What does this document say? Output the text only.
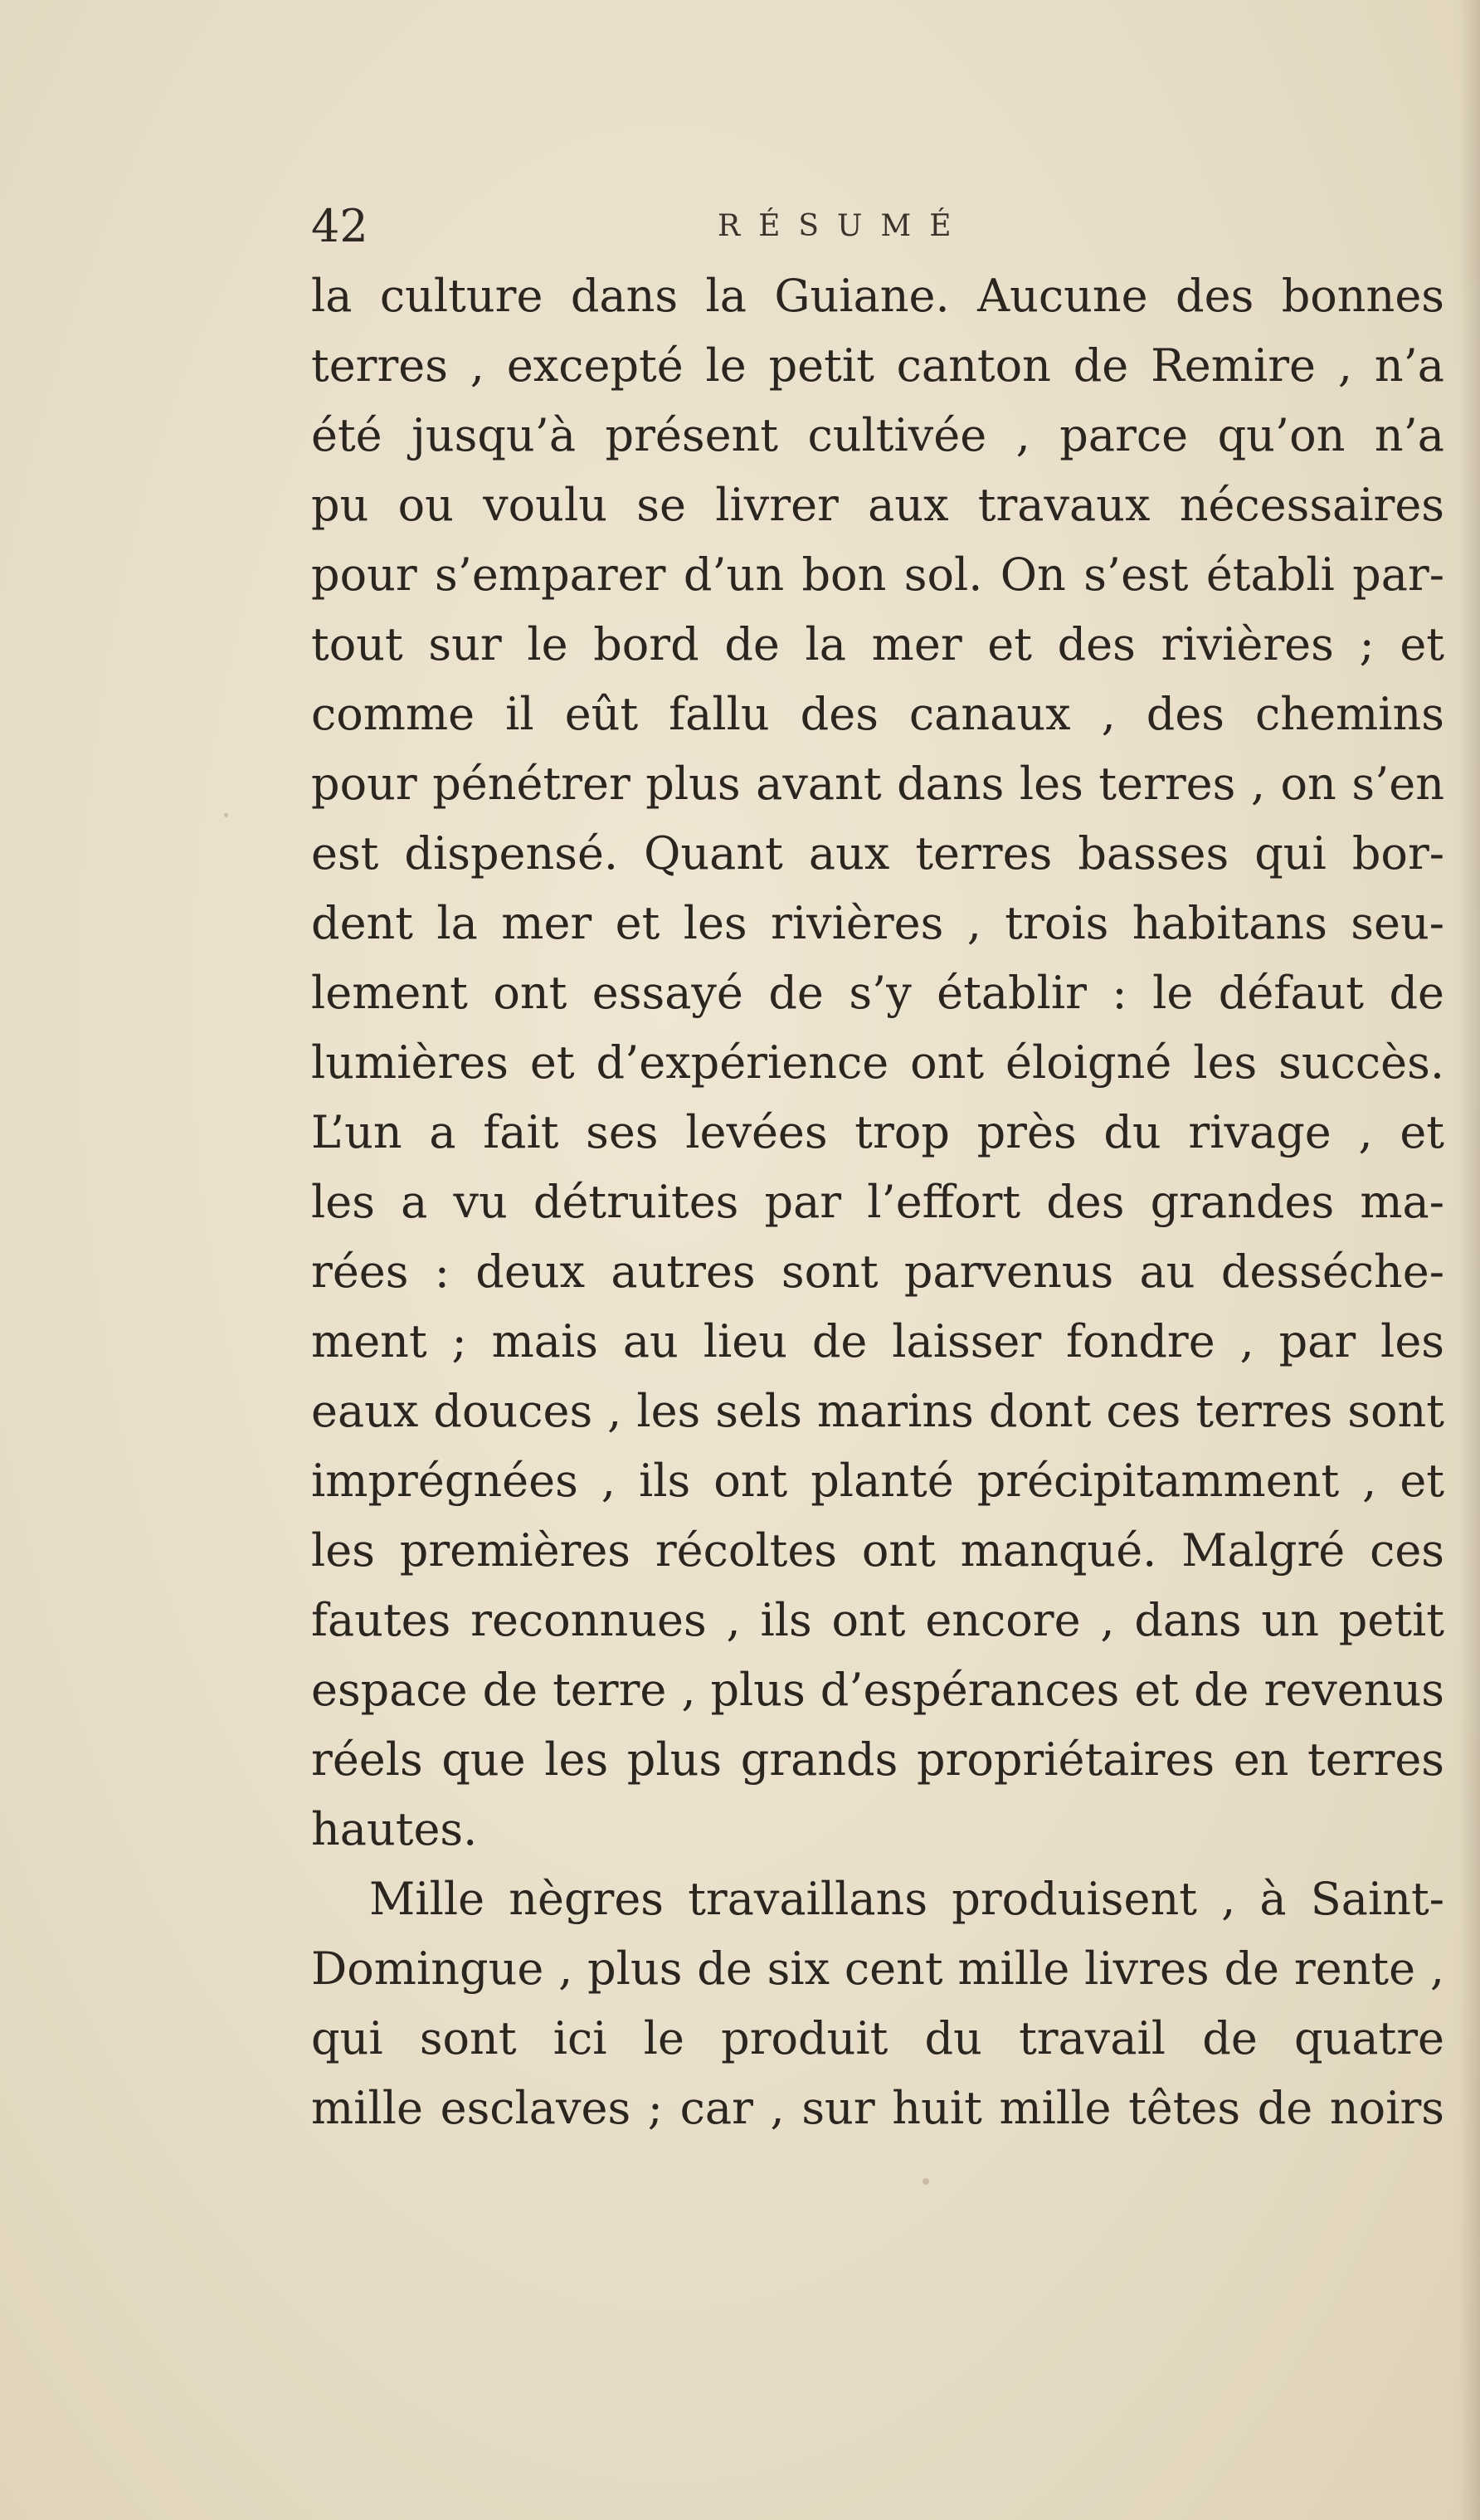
42	RÉSUMÉ
la culture dans la Guiane. Aucune des bonnes
terres , excepté le petit canton de Remire , n’a
été jusqu’à présent cultivée , parce qu’on n’a
pu ou voulu se livrer aux travaux nécessaires
pour s’emparer d’un bon sol. On s’est établi par-
tout sur le bord de la mer et des rivières ; et
comme il eût fallu des canaux , des chemins
pour pénétrer plus avant dans les terres , on s’en
est dispensé. Quant aux terres basses qui bor-
dent la mer et les rivières , trois habitans seu-
lement ont essayé de s’y établir : le défaut de
lumières et d’expérience ont éloigné les succès.
L’un a fait ses levées trop près du rivage , et
les a vu détruites par l’effort des grandes ma-
rées : deux autres sont parvenus au desséche-
ment ; mais au lieu de laisser fondre , par les
eaux douces , les sels marins dont ces terres sont
imprégnées , ils ont planté précipitamment , et
les premières récoltes ont manqué. Malgré ces
fautes reconnues , ils ont encore , dans un petit
espace de terre , plus d’espérances et de revenus
réels que les plus grands propriétaires en terres
hautes.
Mille nègres travaillans produisent , à Saint-
Domingue , plus de six cent mille livres de rente ,
qui sont ici le produit du travail de quatre
mille esclaves ; car , sur huit mille têtes de noirs
